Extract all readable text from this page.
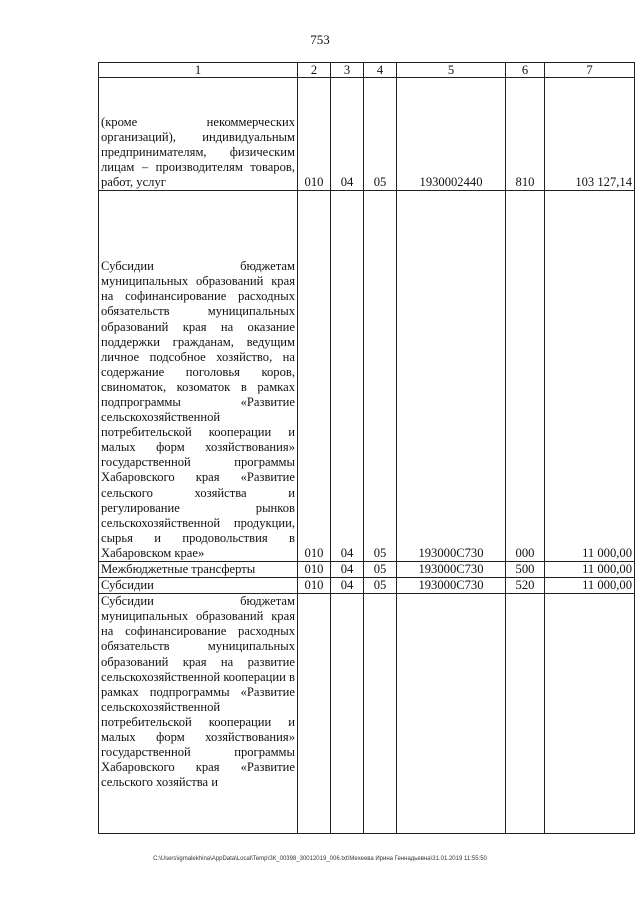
753
1	2	3	4	5	6	7
(кроме некоммерческих организаций), индивидуальным предпринимателям, физическим лицам – производителям товаров, работ, услуг	010	04	05	1930002440	810	103 127,14
Субсидии бюджетам муниципальных образований края на софинансирование расходных обязательств муниципальных образований края на оказание поддержки гражданам, ведущим личное подсобное хозяйство, на содержание поголовья коров, свиноматок, козоматок в рамках подпрограммы «Развитие сельскохозяйственной потребительской кооперации и малых форм хозяйствования» государственной программы Хабаровского края «Развитие сельского хозяйства и регулирование рынков сельскохозяйственной продукции, сырья и продовольствия в Хабаровском крае»	010	04	05	193000С730	000	11 000,00
Межбюджетные трансферты	010	04	05	193000С730	500	11 000,00
Субсидии	010	04	05	193000С730	520	11 000,00
Субсидии бюджетам муниципальных образований края на софинансирование расходных обязательств муниципальных образований края на развитие сельскохозяйственной кооперации в рамках подпрограммы «Развитие сельскохозяйственной потребительской кооперации и малых форм хозяйствования» государственной программы Хабаровского края «Развитие сельского хозяйства и						
C:\Users\igmalekhina\AppData\Local\Temp\ЗК_00398_30012019_006.txt\Мехеева Ирина Геннадьевна\31.01.2019 11:55:50
